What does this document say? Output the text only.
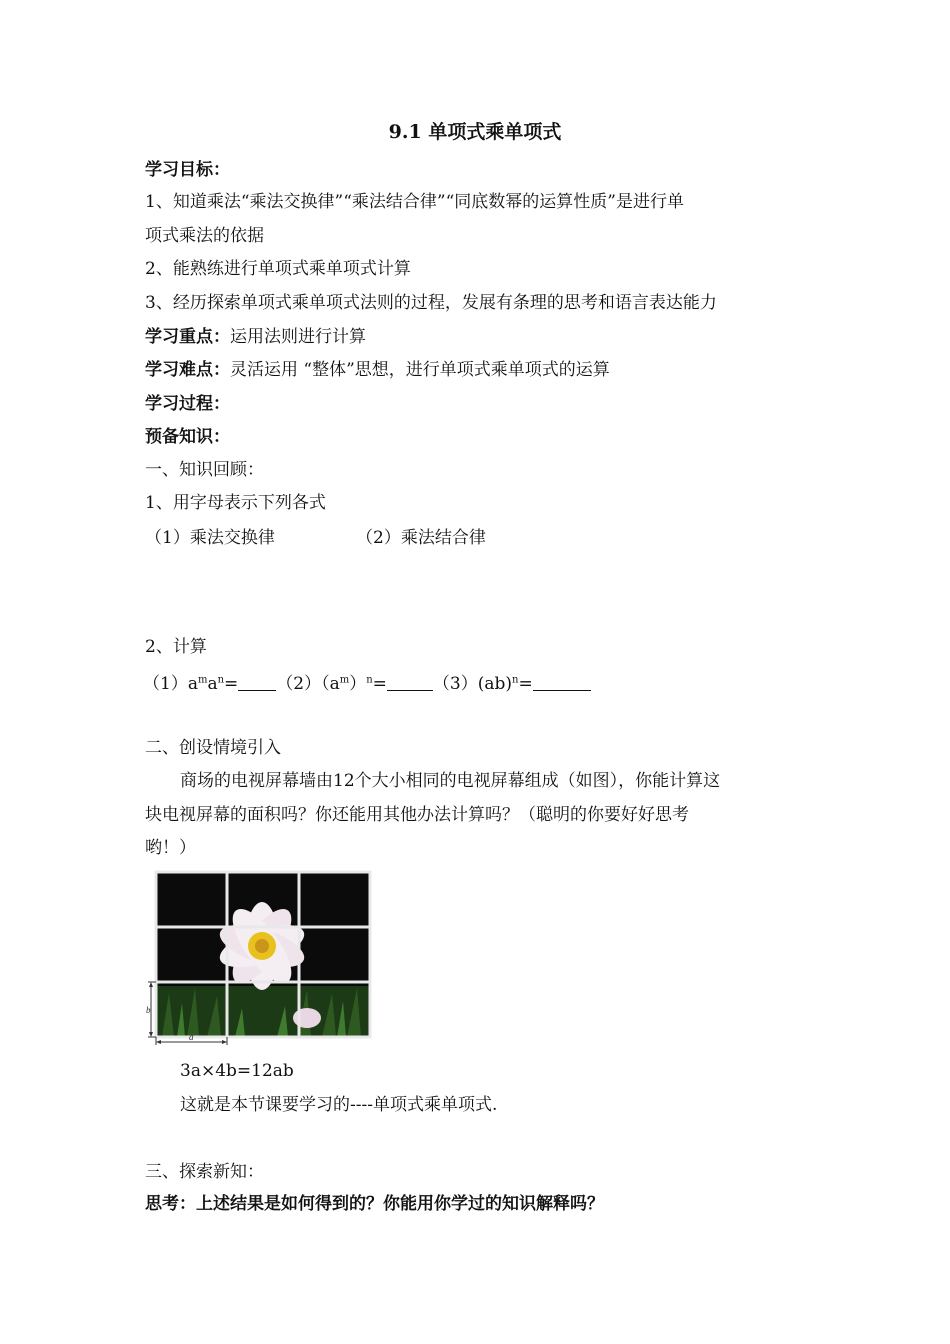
9.1 单项式乘单项式
学习目标：
1、知道乘法“乘法交换律”“乘法结合律”“同底数幂的运算性质”是进行单
项式乘法的依据
2、能熟练进行单项式乘单项式计算
3、经历探索单项式乘单项式法则的过程，发展有条理的思考和语言表达能力
学习重点：运用法则进行计算
学习难点：灵活运用 “整体”思想，进行单项式乘单项式的运算
学习过程：
预备知识：
一、知识回顾：
1、用字母表示下列各式
（1）乘法交换律	（2）乘法结合律
2、计算
$(1)a^ma^n= (2)(a^m)^n=$	（3）(ab)$^n$=
二、创设情境引入
商场的电视屏幕墙由12个大小相同的电视屏幕组成（如图），你能计算这
块电视屏幕的面积吗？你还能用其他办法计算吗？（聪明的你要好好思考
哟！）
b
a
3a×4b=12ab
这就是本节课要学习的----单项式乘单项式.
三、探索新知：
思考：上述结果是如何得到的？你能用你学过的知识解释吗？
